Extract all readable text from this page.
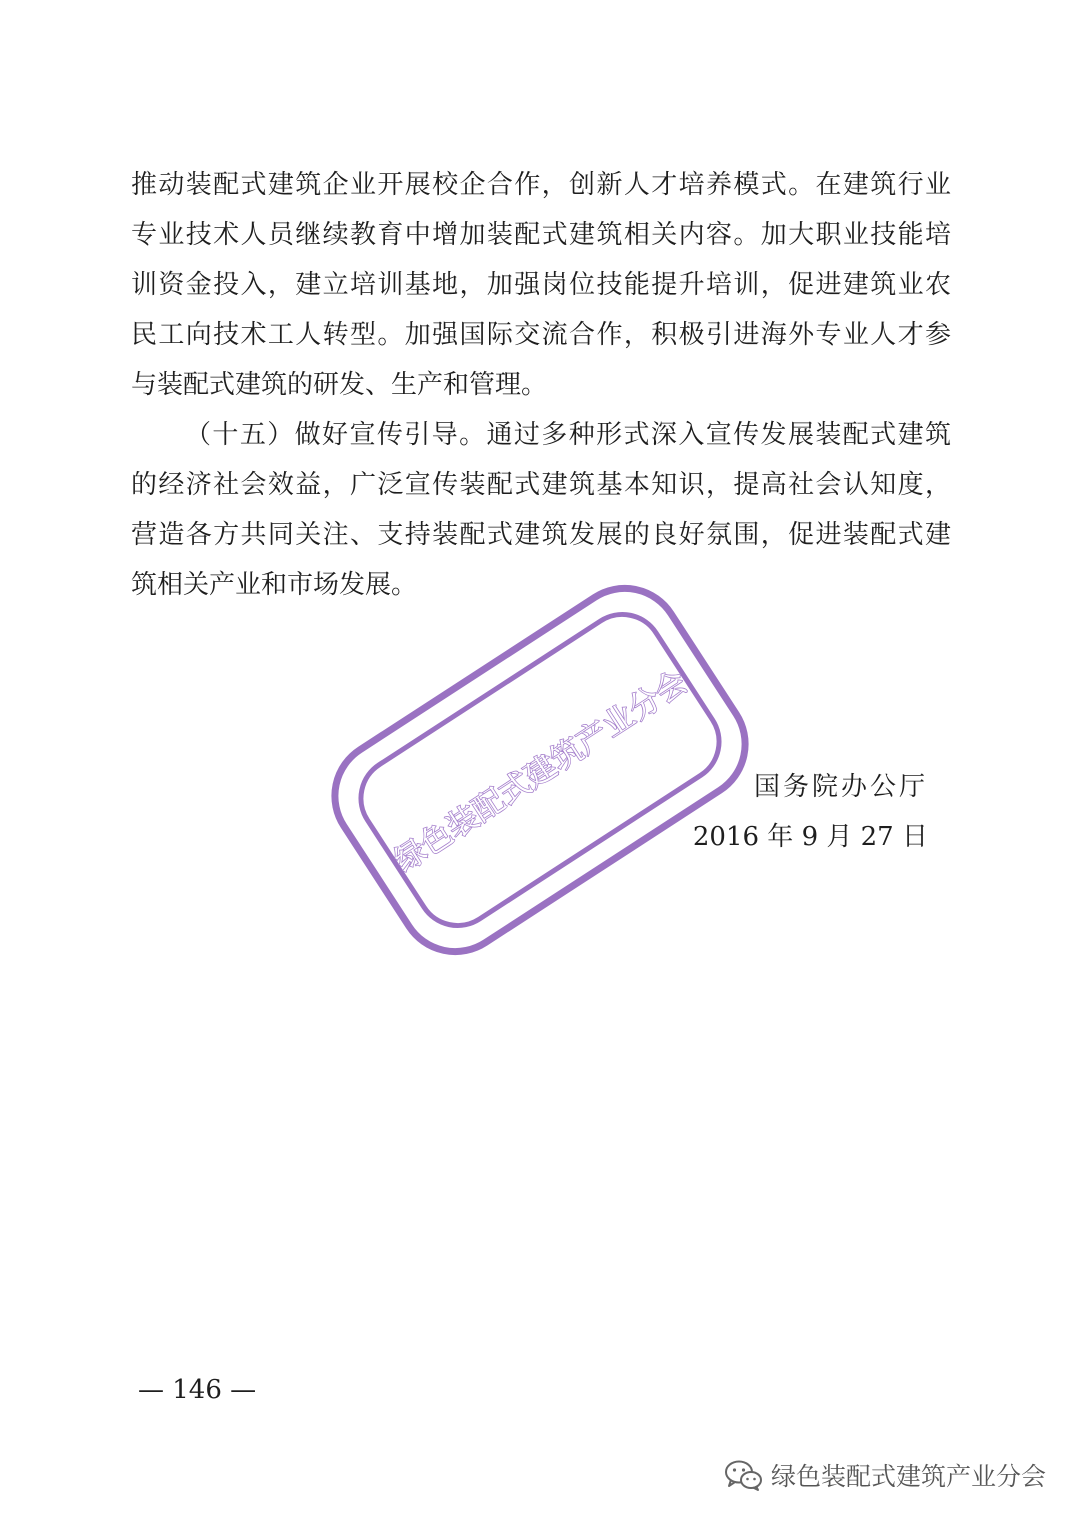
推动装配式建筑企业开展校企合作，创新人才培养模式。在建筑行业
专业技术人员继续教育中增加装配式建筑相关内容。加大职业技能培
训资金投入，建立培训基地，加强岗位技能提升培训，促进建筑业农
民工向技术工人转型。加强国际交流合作，积极引进海外专业人才参
与装配式建筑的研发、生产和管理。
（十五）做好宣传引导。通过多种形式深入宣传发展装配式建筑
的经济社会效益，广泛宣传装配式建筑基本知识，提高社会认知度，
营造各方共同关注、支持装配式建筑发展的良好氛围，促进装配式建
筑相关产业和市场发展。
国务院办公厅
2016 年 9 月 27 日
绿色装配式建筑产业分会
— 146 —
绿色装配式建筑产业分会
